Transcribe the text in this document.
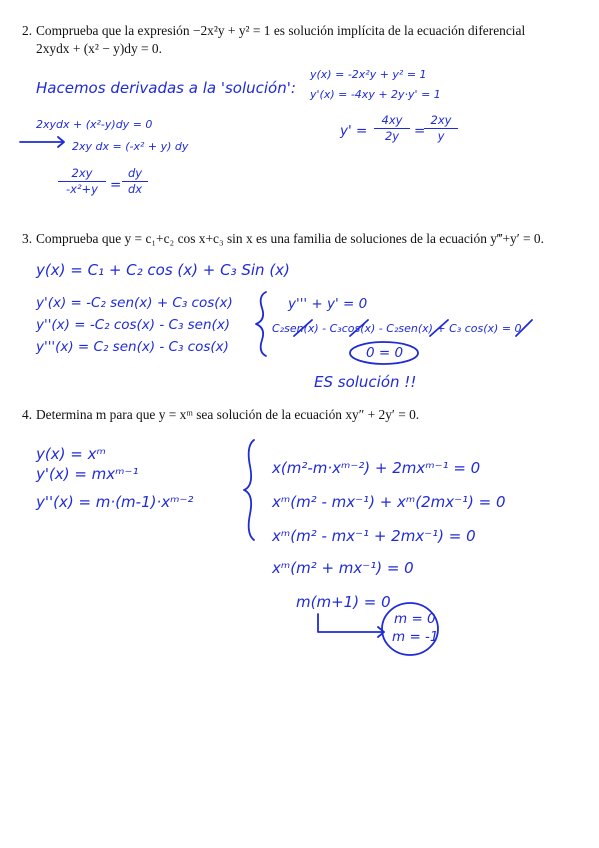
2. Comprueba que la expresión −2x²y + y² = 1 es solución implícita de la ecuación diferencial
2xydx + (x² − y)dy = 0.
Hacemos derivadas a la 'solución':
y(x) = -2x²y + y² = 1
y'(x) = -4xy + 2y·y' = 1
y' =
4xy
2y	=
2xy
y
2xydx + (x²-y)dy = 0
2xy dx = (-x² + y) dy
2xy
-x²+y =
dy
dx
3. Comprueba que y = c₁+c₂ cos x+c₃ sin x es una familia de soluciones de la ecuación y‴+y′ = 0.
y(x) = C₁ + C₂ cos (x) + C₃ Sin (x)
y'(x) = -C₂ sen(x) + C₃ cos(x)
y''(x) = -C₂ cos(x) - C₃ sen(x)
y'''(x) = C₂ sen(x) - C₃ cos(x)
y''' + y' = 0
C₂sen(x) - C₃cos(x) - C₂sen(x) + C₃ cos(x) = 0
0 = 0
ES solución !!
4. Determina m para que y = xᵐ sea solución de la ecuación xy″ + 2y′ = 0.
y(x) = xᵐ
y'(x) = mxᵐ⁻¹
y''(x) = m·(m-1)·xᵐ⁻²
x(m²-m·xᵐ⁻²) + 2mxᵐ⁻¹ = 0
xᵐ(m² - mx⁻¹) + xᵐ(2mx⁻¹) = 0
xᵐ(m² - mx⁻¹ + 2mx⁻¹) = 0
xᵐ(m² + mx⁻¹) = 0
m(m+1) = 0
m = 0
m = -1
